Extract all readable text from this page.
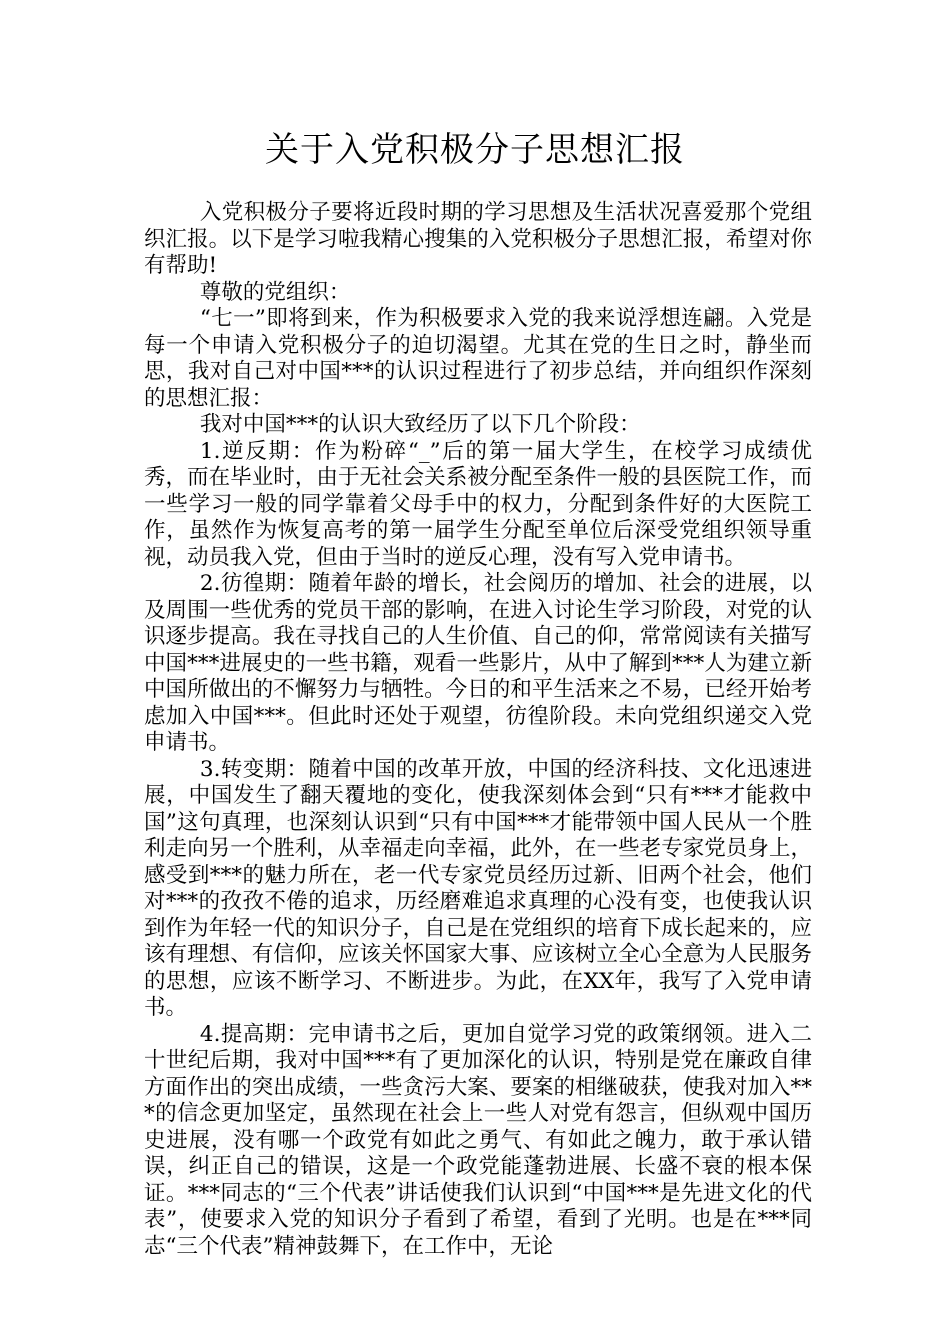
关于入党积极分子思想汇报

入党积极分子要将近段时期的学习思想及生活状况喜爱那个党组织汇报。以下是学习啦我精心搜集的入党积极分子思想汇报，希望对你有帮助!

尊敬的党组织：

“七一”即将到来，作为积极要求入党的我来说浮想连翩。入党是每一个申请入党积极分子的迫切渴望。尤其在党的生日之时，静坐而思，我对自己对中国***的认识过程进行了初步总结，并向组织作深刻的思想汇报：

我对中国***的认识大致经历了以下几个阶段：

1.逆反期：作为粉碎“_”后的第一届大学生，在校学习成绩优秀，而在毕业时，由于无社会关系被分配至条件一般的县医院工作，而一些学习一般的同学靠着父母手中的权力，分配到条件好的大医院工作，虽然作为恢复高考的第一届学生分配至单位后深受党组织领导重视，动员我入党，但由于当时的逆反心理，没有写入党申请书。

2.彷徨期：随着年龄的增长，社会阅历的增加、社会的进展，以及周围一些优秀的党员干部的影响，在进入讨论生学习阶段，对党的认识逐步提高。我在寻找自己的人生价值、自己的仰，常常阅读有关描写中国***进展史的一些书籍，观看一些影片，从中了解到***人为建立新中国所做出的不懈努力与牺牲。今日的和平生活来之不易，已经开始考虑加入中国***。但此时还处于观望，彷徨阶段。未向党组织递交入党申请书。

3.转变期：随着中国的改革开放，中国的经济科技、文化迅速进展，中国发生了翻天覆地的变化，使我深刻体会到“只有***才能救中国”这句真理，也深刻认识到“只有中国***才能带领中国人民从一个胜利走向另一个胜利，从幸福走向幸福，此外，在一些老专家党员身上，感受到***的魅力所在，老一代专家党员经历过新、旧两个社会，他们对***的孜孜不倦的追求，历经磨难追求真理的心没有变，也使我认识到作为年轻一代的知识分子，自己是在党组织的培育下成长起来的，应该有理想、有信仰，应该关怀国家大事、应该树立全心全意为人民服务的思想，应该不断学习、不断进步。为此，在XX年，我写了入党申请书。

4.提高期：完申请书之后，更加自觉学习党的政策纲领。进入二十世纪后期，我对中国***有了更加深化的认识，特别是党在廉政自律方面作出的突出成绩，一些贪污大案、要案的相继破获，使我对加入***的信念更加坚定，虽然现在社会上一些人对党有怨言，但纵观中国历史进展，没有哪一个政党有如此之勇气、有如此之魄力，敢于承认错误，纠正自己的错误，这是一个政党能蓬勃进展、长盛不衰的根本保证。***同志的“三个代表”讲话使我们认识到“中国***是先进文化的代表”，使要求入党的知识分子看到了希望，看到了光明。也是在***同志“三个代表”精神鼓舞下，在工作中，无论
